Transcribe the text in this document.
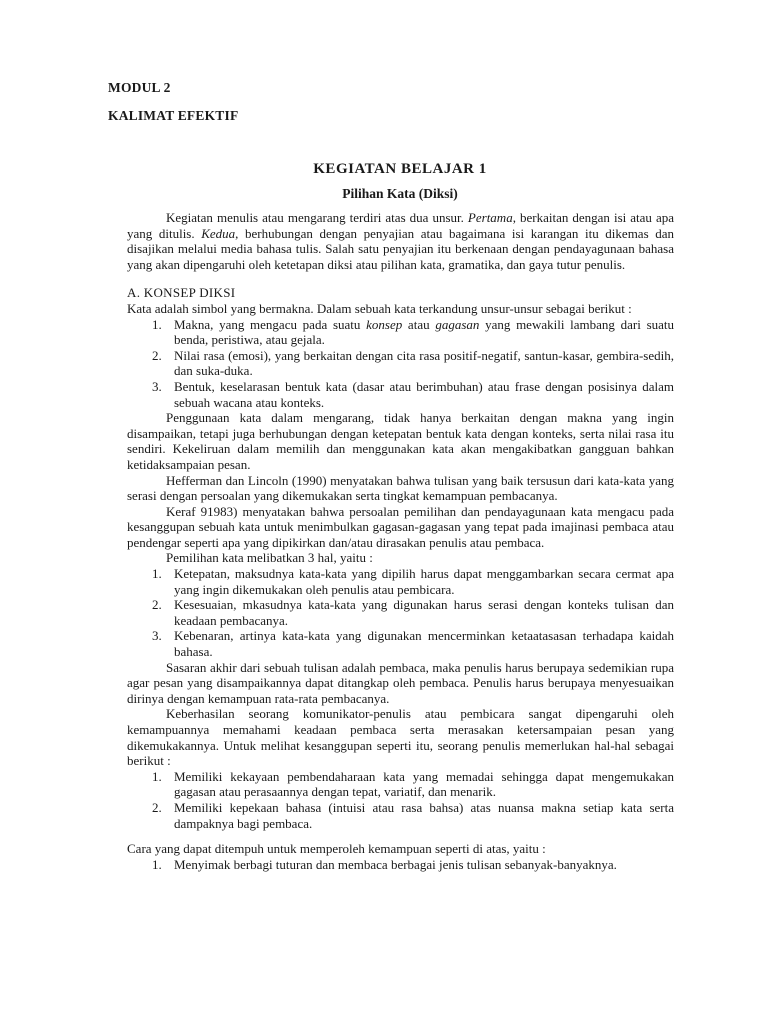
MODUL 2
KALIMAT EFEKTIF
KEGIATAN BELAJAR 1
Pilihan Kata (Diksi)

Kegiatan menulis atau mengarang terdiri atas dua unsur. Pertama, berkaitan dengan isi atau apa yang ditulis. Kedua, berhubungan dengan penyajian atau bagaimana isi karangan itu dikemas dan disajikan melalui media bahasa tulis. Salah satu penyajian itu berkenaan dengan pendayagunaan bahasa yang akan dipengaruhi oleh ketetapan diksi atau pilihan kata, gramatika, dan gaya tutur penulis.

A. KONSEP DIKSI

Kata adalah simbol yang bermakna. Dalam sebuah kata terkandung unsur-unsur sebagai berikut :

1. Makna, yang mengacu pada suatu konsep atau gagasan yang mewakili lambang dari suatu benda, peristiwa, atau gejala.
2. Nilai rasa (emosi), yang berkaitan dengan cita rasa positif-negatif, santun-kasar, gembira-sedih, dan suka-duka.
3. Bentuk, keselarasan bentuk kata (dasar atau berimbuhan) atau frase dengan posisinya dalam sebuah wacana atau konteks.

Penggunaan kata dalam mengarang, tidak hanya berkaitan dengan makna yang ingin disampaikan, tetapi juga berhubungan dengan ketepatan bentuk kata dengan konteks, serta nilai rasa itu sendiri. Kekeliruan dalam memilih dan menggunakan kata akan mengakibatkan gangguan bahkan ketidaksampaian pesan.

Hefferman dan Lincoln (1990) menyatakan bahwa tulisan yang baik tersusun dari kata-kata yang serasi dengan persoalan yang dikemukakan serta tingkat kemampuan pembacanya.

Keraf 91983) menyatakan bahwa persoalan pemilihan dan pendayagunaan kata mengacu pada kesanggupan sebuah kata untuk menimbulkan gagasan-gagasan yang tepat pada imajinasi pembaca atau pendengar seperti apa yang dipikirkan dan/atau dirasakan penulis atau pembaca.

Pemilihan kata melibatkan 3 hal, yaitu :

1. Ketepatan, maksudnya kata-kata yang dipilih harus dapat menggambarkan secara cermat apa yang ingin dikemukakan oleh penulis atau pembicara.
2. Kesesuaian, mkasudnya kata-kata yang digunakan harus serasi dengan konteks tulisan dan keadaan pembacanya.
3. Kebenaran, artinya kata-kata yang digunakan mencerminkan ketaatasasan terhadapa kaidah bahasa.

Sasaran akhir dari sebuah tulisan adalah pembaca, maka penulis harus berupaya sedemikian rupa agar pesan yang disampaikannya dapat ditangkap oleh pembaca. Penulis harus berupaya menyesuaikan dirinya dengan kemampuan rata-rata pembacanya.

Keberhasilan seorang komunikator-penulis atau pembicara sangat dipengaruhi oleh kemampuannya memahami keadaan pembaca serta merasakan ketersampaian pesan yang dikemukakannya. Untuk melihat kesanggupan seperti itu, seorang penulis memerlukan hal-hal sebagai berikut :

1. Memiliki kekayaan pembendaharaan kata yang memadai sehingga dapat mengemukakan gagasan atau perasaannya dengan tepat, variatif, dan menarik.
2. Memiliki kepekaan bahasa (intuisi atau rasa bahsa) atas nuansa makna setiap kata serta dampaknya bagi pembaca.

Cara yang dapat ditempuh untuk memperoleh kemampuan seperti di atas, yaitu :

1. Menyimak berbagi tuturan dan membaca berbagai jenis tulisan sebanyak-banyaknya.
